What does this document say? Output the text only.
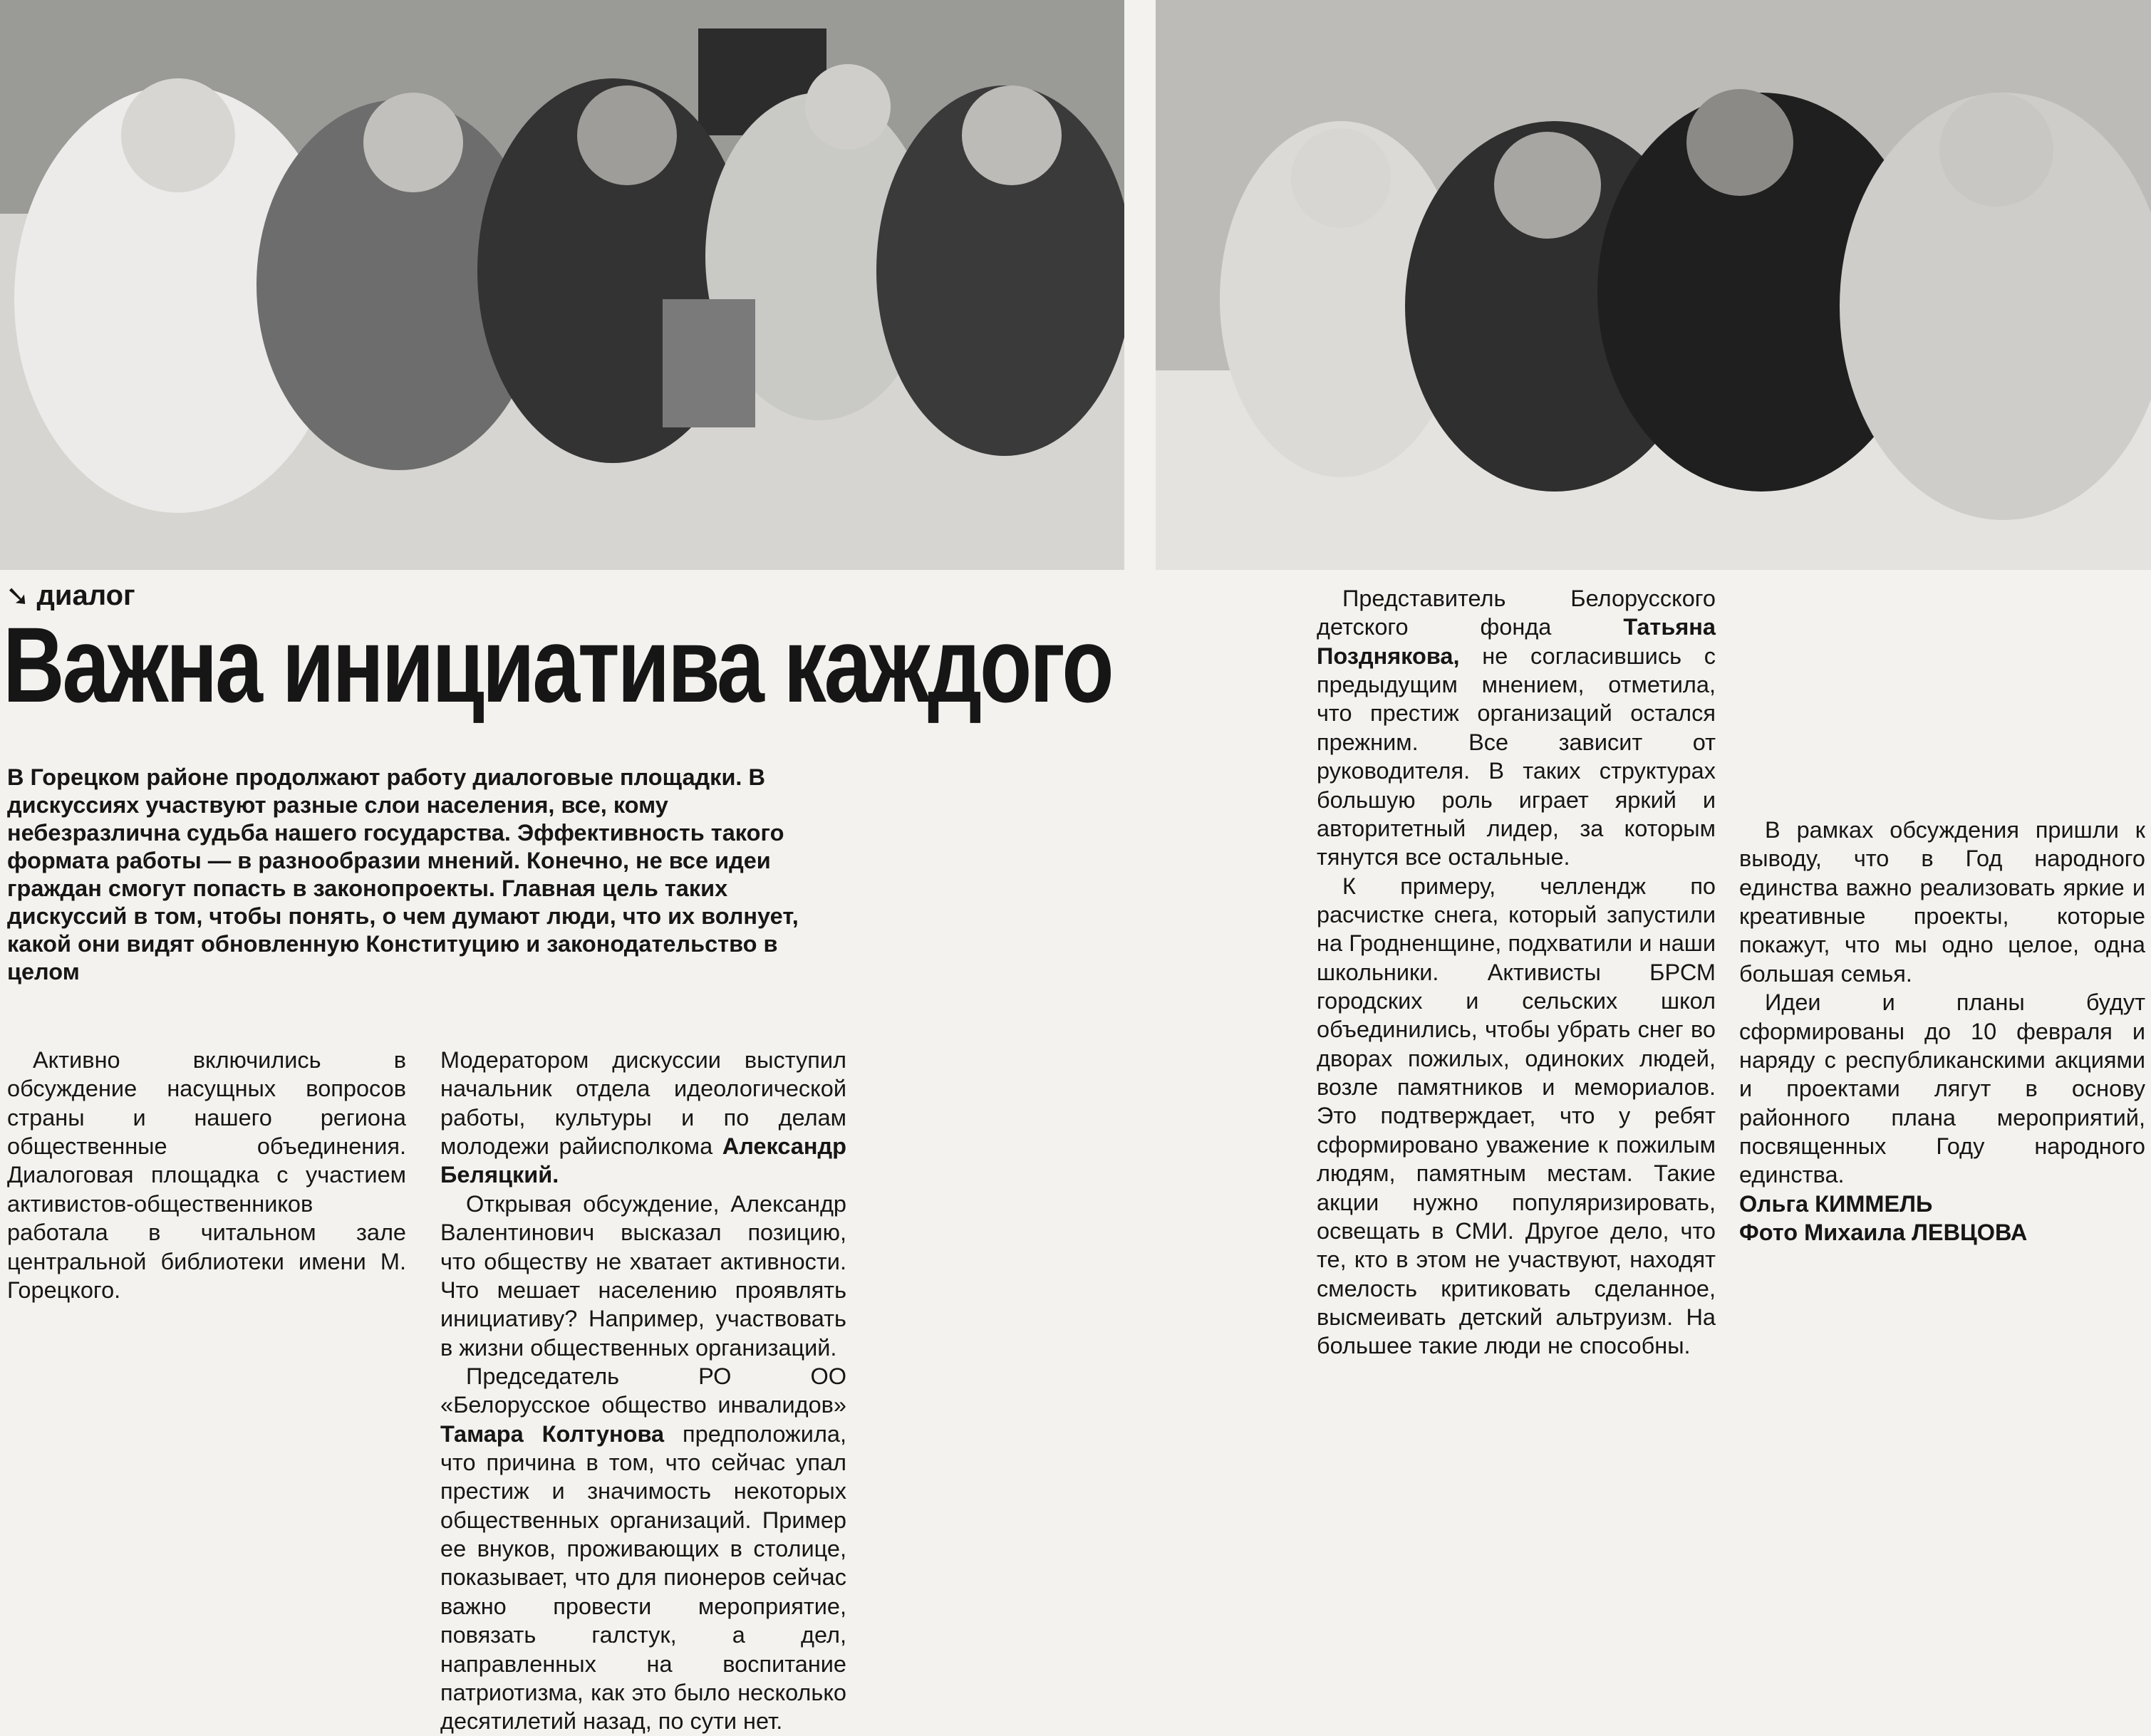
➘ диалог
Важна инициатива каждого

В Горецком районе продолжают работу диалоговые площадки. В дискуссиях участвуют разные слои населения, все, кому небезразлична судьба нашего государства. Эффективность такого формата работы — в разнообразии мнений. Конечно, не все идеи граждан смогут попасть в законопроекты. Главная цель таких дискуссий в том, чтобы понять, о чем думают люди, что их волнует, какой они видят обновленную Конституцию и законодательство в целом

Активно включились в обсуждение насущных вопросов страны и нашего региона общественные объединения. Диалоговая площадка с участием активистов-общественников работала в читальном зале центральной библиотеки имени М. Горецкого.

Модератором дискуссии выступил начальник отдела идеологической работы, культуры и по делам молодежи райисполкома Александр Беляцкий.

Открывая обсуждение, Александр Валентинович высказал позицию, что обществу не хватает активности. Что мешает населению проявлять инициативу? Например, участвовать в жизни общественных организаций.

Председатель РО ОО «Белорусское общество инвалидов» Тамара Колтунова предположила, что причина в том, что сейчас упал престиж и значимость некоторых общественных организаций. Пример ее внуков, проживающих в столице, показывает, что для пионеров сейчас важно провести мероприятие, повязать галстук, а дел, направленных на воспитание патриотизма, как это было несколько десятилетий назад, по сути нет.

Представитель Белорусского детского фонда	Татьяна Позднякова, не согласившись с предыдущим мнением, отметила, что престиж организаций остался прежним. Все зависит от руководителя. В таких структурах большую роль играет яркий и авторитетный лидер, за которым тянутся все остальные.

К примеру, челлендж по расчистке снега, который запустили на Гродненщине, подхватили и наши школьники. Активисты БРСМ городских и сельских школ объединились, чтобы убрать снег во дворах пожилых, одиноких людей, возле памятников и мемориалов. Это подтверждает, что у ребят сформировано уважение к пожилым людям, памятным местам. Такие акции нужно популяризировать, освещать в СМИ. Другое дело, что те, кто в этом не участвуют, находят смелость критиковать сделанное, высмеивать детский альтруизм. На большее такие люди не способны.

В рамках обсуждения пришли к выводу, что в Год народного единства важно реализовать яркие и креативные проекты, которые покажут, что мы одно целое, одна большая семья.

Идеи и планы будут сформированы до 10 февраля и наряду с республиканскими акциями и проектами лягут в основу районного плана мероприятий, посвященных Году народного единства.

Ольга КИММЕЛЬ

Фото Михаила ЛЕВЦОВА
